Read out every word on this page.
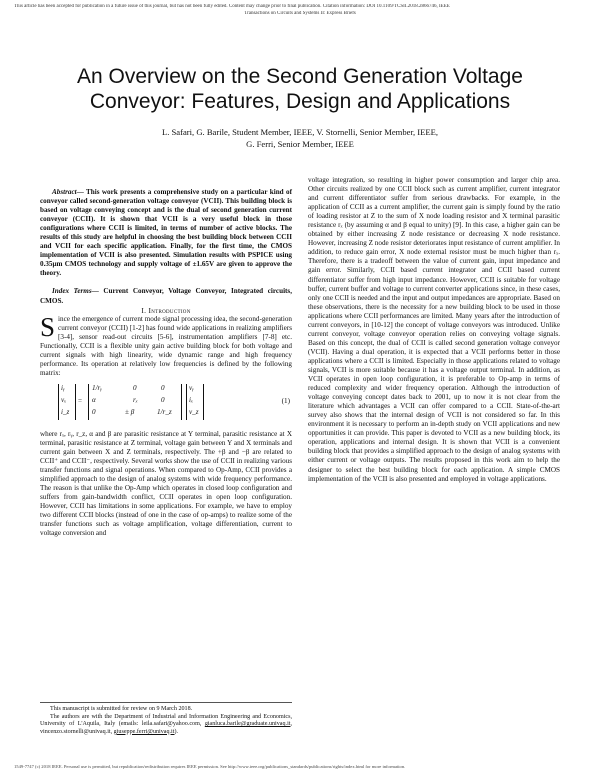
This article has been accepted for publication in a future issue of this journal, but has not been fully edited. Content may change prior to final publication. Citation information: DOI 10.1109/TCSII.2018.2866746, IEEE
Transactions on Circuits and Systems II: Express Briefs
An Overview on the Second Generation Voltage Conveyor: Features, Design and Applications
L. Safari, G. Barile, Student Member, IEEE, V. Stornelli, Senior Member, IEEE,
G. Ferri, Senior Member, IEEE

Abstract— This work presents a comprehensive study on a particular kind of conveyor called second-generation voltage conveyor (VCII). This building block is based on voltage conveying concept and is the dual of second generation current conveyor (CCII). It is shown that VCII is a very useful block in those configurations where CCII is limited, in terms of number of active blocks. The results of this study are helpful in choosing the best building block between CCII and VCII for each specific application. Finally, for the first time, the CMOS implementation of VCII is also presented. Simulation results with PSPICE using 0.35μm CMOS technology and supply voltage of ±1.65V are given to approve the theory.

Index Terms— Current Conveyor, Voltage Conveyor, Integrated circuits, CMOS.

I. Introduction

Since the emergence of current mode signal processing idea, the second-generation current conveyor (CCII) [1-2] has found wide applications in realizing amplifiers [3-4], sensor read-out circuits [5-6], instrumentation amplifiers [7-8] etc. Functionally, CCII is a flexible unity gain active building block for both voltage and current signals with high linearity, wide dynamic range and high frequency performance. Its operation at relatively low frequencies is defined by the following matrix:

iᵧ
vₓ
i_z
=
1/rᵧ	0	0
α	rₓ	0
0	± β	1/r_z
vᵧ
iₓ
v_z
(1)

where rₓ, rᵧ, r_z, α and β are parasitic resistance at Y terminal, parasitic resistance at X terminal, parasitic resistance at Z terminal, voltage gain between Y and X terminals and current gain between X and Z terminals, respectively. The +β and −β are related to CCII⁺ and CCII⁻, respectively. Several works show the use of CCII in realizing various transfer functions and signal operations. When compared to Op-Amp, CCII provides a simplified approach to the design of analog systems with wide frequency performance. The reason is that unlike the Op-Amp which operates in closed loop configuration and suffers from gain-bandwidth conflict, CCII operates in open loop configuration. However, CCII has limitations in some applications. For example, we have to employ two different CCII blocks (instead of one in the case of op-amps) to realize some of the transfer functions such as voltage amplification, voltage differentiation, current to voltage conversion and

voltage integration, so resulting in higher power consumption and larger chip area. Other circuits realized by one CCII block such as current amplifier, current integrator and current differentiator suffer from serious drawbacks. For example, in the application of CCII as a current amplifier, the current gain is simply found by the ratio of loading resistor at Z to the sum of X node loading resistor and X terminal parasitic resistance rₓ (by assuming α and β equal to unity) [9]. In this case, a higher gain can be obtained by either increasing Z node resistance or decreasing X node resistance. However, increasing Z node resistor deteriorates input resistance of current amplifier. In addition, to reduce gain error, X node external resistor must be much higher than rₓ. Therefore, there is a tradeoff between the value of current gain, input impedance and gain error. Similarly, CCII based current integrator and CCII based current differentiator suffer from high input impedance. However, CCII is suitable for voltage buffer, current buffer and voltage to current converter applications since, in these cases, only one CCII is needed and the input and output impedances are appropriate. Based on these observations, there is the necessity for a new building block to be used in those applications where CCII performances are limited. Many years after the introduction of current conveyors, in [10-12] the concept of voltage conveyors was introduced. Unlike current conveyor, voltage conveyor operation relies on conveying voltage signals. Based on this concept, the dual of CCII is called second generation voltage conveyor (VCII). Having a dual operation, it is expected that a VCII performs better in those applications where a CCII is limited. Especially in those applications related to voltage signals, VCII is more suitable because it has a voltage output terminal. In addition, as VCII operates in open loop configuration, it is preferable to Op-amp in terms of reduced complexity and wider frequency operation. Although the introduction of voltage conveying concept dates back to 2001, up to now it is not clear from the literature which advantages a VCII can offer compared to a CCII. State-of-the-art survey also shows that the internal design of VCII is not considered so far. In this environment it is necessary to perform an in-depth study on VCII applications and new opportunities it can provide. This paper is devoted to VCII as a new building block, its operation, applications and internal design. It is shown that VCII is a convenient building block that provides a simplified approach to the design of analog systems with either current or voltage outputs. The results proposed in this work aim to help the designer to select the best building block for each application. A simple CMOS implementation of the VCII is also presented and employed in voltage applications.

This manuscript is submitted for review on 9 March 2018.

The authors are with the Department of Industrial and Information Engineering and Economics, University of L'Aquila, Italy (emails: leila.safari@yahoo.com, gianluca.barile@graduate.univaq.it, vincenzo.stornelli@univaq.it, giuseppe.ferri@univaq.it).

1549-7747 (c) 2018 IEEE. Personal use is permitted, but republication/redistribution requires IEEE permission. See http://www.ieee.org/publications_standards/publications/rights/index.html for more information.
